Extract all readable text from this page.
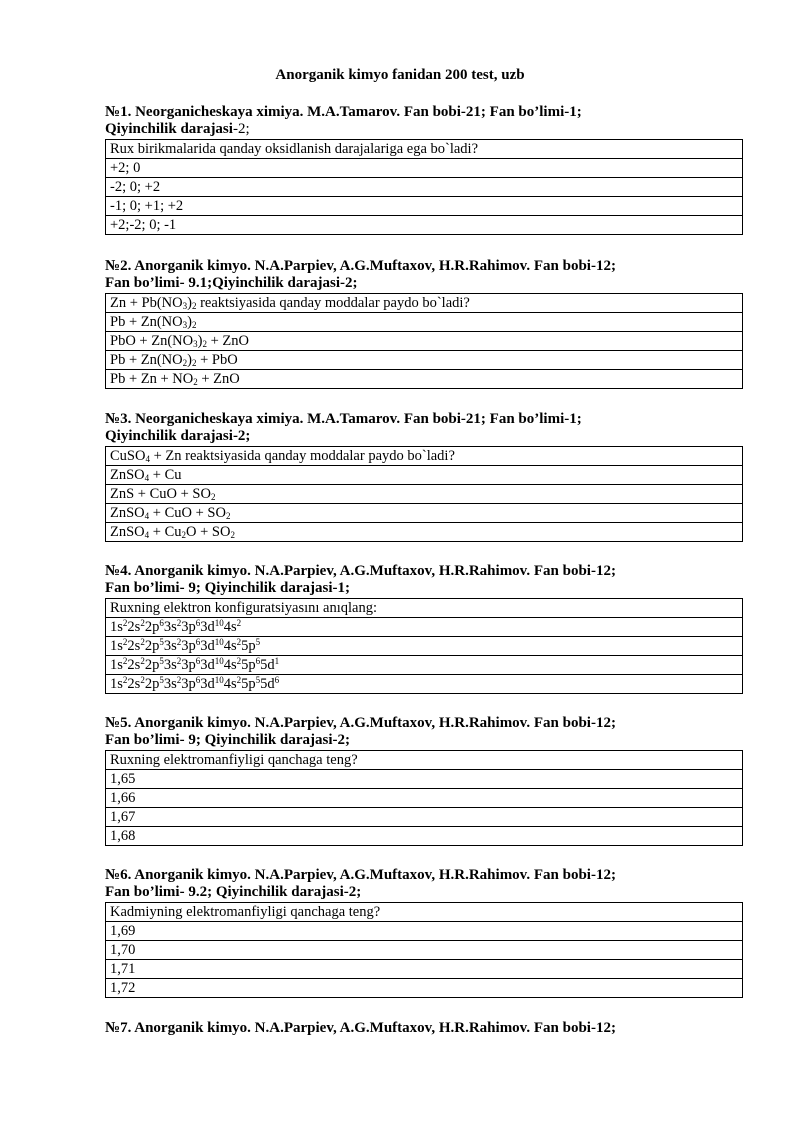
Anorganik kimyo fanidan 200 test, uzb
№1. Neorganicheskaya ximiya. M.A.Tamarov. Fan bobi-21; Fan bo’limi-1;
Qiyinchilik darajasi-2;
Rux birikmalarida qanday oksidlanish darajalariga ega bo`ladi?
+2; 0
-2; 0; +2
-1; 0; +1; +2
+2;-2; 0; -1
№2. Anorganik kimyo. N.A.Parpiev, A.G.Muftaxov, H.R.Rahimov. Fan bobi-12;
Fan bo’limi- 9.1;Qiyinchilik darajasi-2;
$Zn + Pb(NO_3)_2$ reaktsiyasida qanday moddalar paydo bo`ladi?
$Pb + Zn(NO_3)_2$
PbO + $Zn(NO_3)_2$ + ZnO
$Pb + Zn(NO_2)_2$ + PbO
$Pb + Zn + NO_2$ + ZnO
№3. Neorganicheskaya ximiya. M.A.Tamarov. Fan bobi-21; Fan bo’limi-1;
Qiyinchilik darajasi-2;
CuSO$_4$ + Zn reaktsiyasida qanday moddalar paydo bo`ladi?
ZnSO$_4$ + Cu
ZnS + CuO + $SO_2$
ZnSO$_4$ + CuO + $SO_2$
ZnSO$_4$ + $Cu_2O + SO_2$
№4. Anorganik kimyo. N.A.Parpiev, A.G.Muftaxov, H.R.Rahimov. Fan bobi-12;
Fan bo’limi- 9; Qiyinchilik darajasi-1;
Ruxning elektron konfiguratsiyasını anıqlang:
$1s^22s^22p^63s^23p^63d^{10}4s^2$
$1s^22s^22p^53s^23p^63d^{10}4s^25p^5$
$1s^22s^22p^53s^23p^63d^{10}4s^25p^65d^1$
$1s^22s^22p^53s^23p^63d^{10}4s^25p^55d^6$
№5. Anorganik kimyo. N.A.Parpiev, A.G.Muftaxov, H.R.Rahimov. Fan bobi-12;
Fan bo’limi- 9; Qiyinchilik darajasi-2;
Ruxning elektromanfiyligi qanchaga teng?
1,65
1,66
1,67
1,68
№6. Anorganik kimyo. N.A.Parpiev, A.G.Muftaxov, H.R.Rahimov. Fan bobi-12;
Fan bo’limi- 9.2; Qiyinchilik darajasi-2;
Kadmiyning elektromanfiyligi qanchaga teng?
1,69
1,70
1,71
1,72
№7. Anorganik kimyo. N.A.Parpiev, A.G.Muftaxov, H.R.Rahimov. Fan bobi-12;
